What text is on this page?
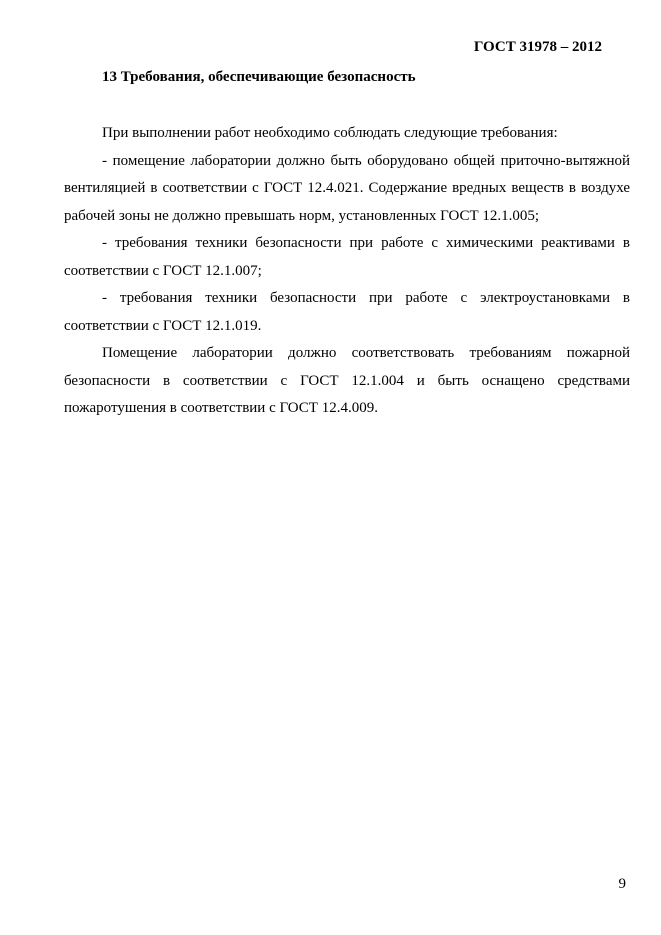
ГОСТ 31978 – 2012
13 Требования, обеспечивающие безопасность

При выполнении работ необходимо соблюдать следующие требования:

- помещение лаборатории должно быть оборудовано общей приточно-вытяжной вентиляцией в соответствии с ГОСТ 12.4.021. Содержание вредных веществ в воздухе рабочей зоны не должно превышать норм, установленных ГОСТ 12.1.005;

- требования техники безопасности при работе с химическими реактивами в соответствии с ГОСТ 12.1.007;

- требования техники безопасности при работе с электроустановками в соответствии с ГОСТ 12.1.019.

Помещение лаборатории должно соответствовать требованиям пожарной безопасности в соответствии с ГОСТ 12.1.004 и быть оснащено средствами пожаротушения в соответствии с ГОСТ 12.4.009.

9
